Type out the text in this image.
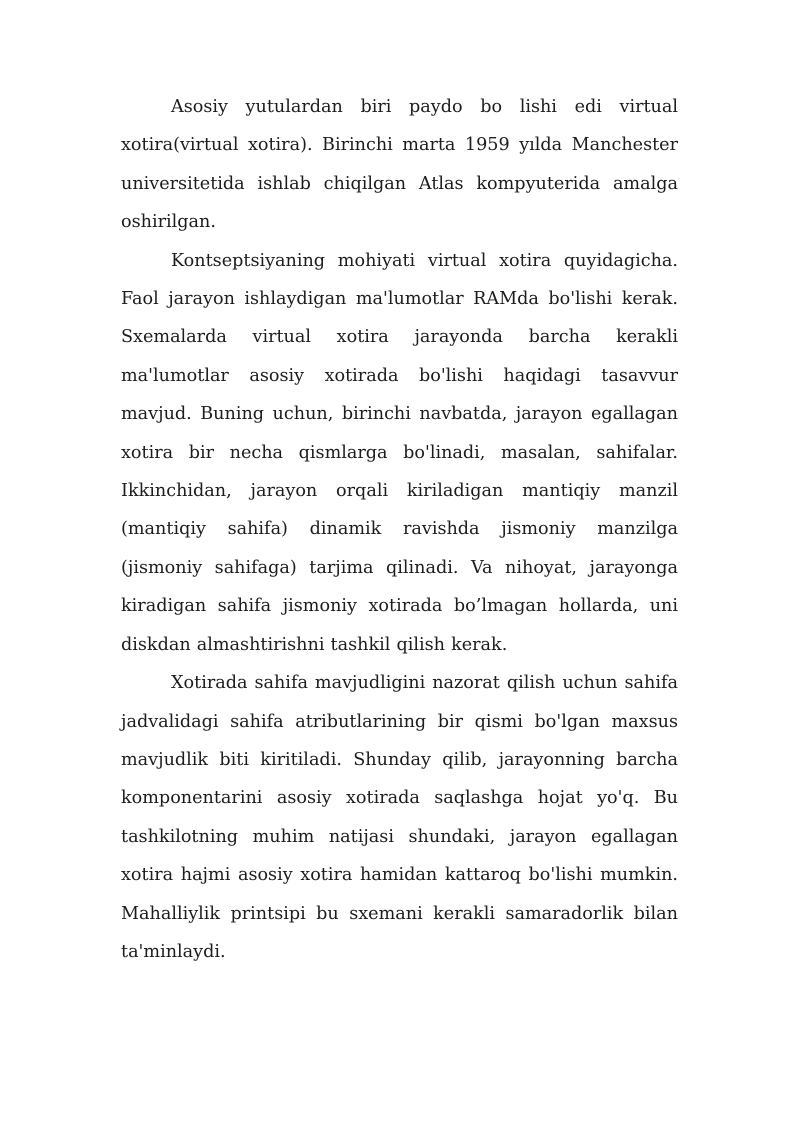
Asosiy yutulardan biri paydo bo lishi edi virtual xotira(virtual xotira). Birinchi marta 1959 yılda Manchester universitetida ishlab chiqilgan Atlas kompyuterida amalga oshirilgan.

Kontseptsiyaning mohiyati virtual xotira quyidagicha. Faol jarayon ishlaydigan ma'lumotlar RAMda bo'lishi kerak. Sxemalarda virtual xotira jarayonda barcha kerakli ma'lumotlar asosiy xotirada bo'lishi haqidagi tasavvur mavjud. Buning uchun, birinchi navbatda, jarayon egallagan xotira bir necha qismlarga bo'linadi, masalan, sahifalar. Ikkinchidan, jarayon orqali kiriladigan mantiqiy manzil (mantiqiy sahifa) dinamik ravishda jismoniy manzilga (jismoniy sahifaga) tarjima qilinadi. Va nihoyat, jarayonga kiradigan sahifa jismoniy xotirada bo’lmagan hollarda, uni diskdan almashtirishni tashkil qilish kerak.

Xotirada sahifa mavjudligini nazorat qilish uchun sahifa jadvalidagi sahifa atributlarining bir qismi bo'lgan maxsus mavjudlik biti kiritiladi. Shunday qilib, jarayonning barcha komponentarini asosiy xotirada saqlashga hojat yo'q. Bu tashkilotning muhim natijasi shundaki, jarayon egallagan xotira hajmi asosiy xotira hamidan kattaroq bo'lishi mumkin. Mahalliylik printsipi bu sxemani kerakli samaradorlik bilan ta'minlaydi.
